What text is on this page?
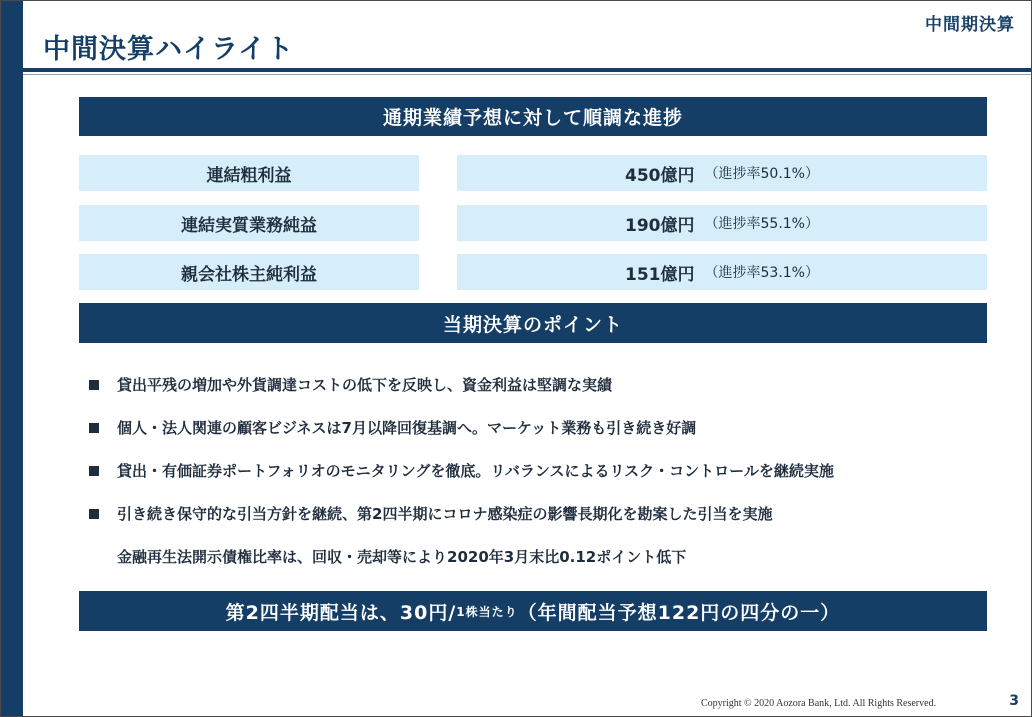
中間期決算
中間決算ハイライト
通期業績予想に対して順調な進捗
連結粗利益	450億円 （進捗率50.1%）
連結実質業務純益	190億円 （進捗率55.1%）
親会社株主純利益	151億円 （進捗率53.1%）
当期決算のポイント
貸出平残の増加や外貨調達コストの低下を反映し、資金利益は堅調な実績
個人・法人関連の顧客ビジネスは7月以降回復基調へ。マーケット業務も引き続き好調
貸出・有価証券ポートフォリオのモニタリングを徹底。リバランスによるリスク・コントロールを継続実施
引き続き保守的な引当方針を継続、第2四半期にコロナ感染症の影響長期化を勘案した引当を実施
金融再生法開示債権比率は、回収・売却等により2020年3月末比0.12ポイント低下
第2四半期配当は、30円/ 1株当たり （年間配当予想122円の四分の一）
Copyright © 2020 Aozora Bank, Ltd. All Rights Reserved.	3
